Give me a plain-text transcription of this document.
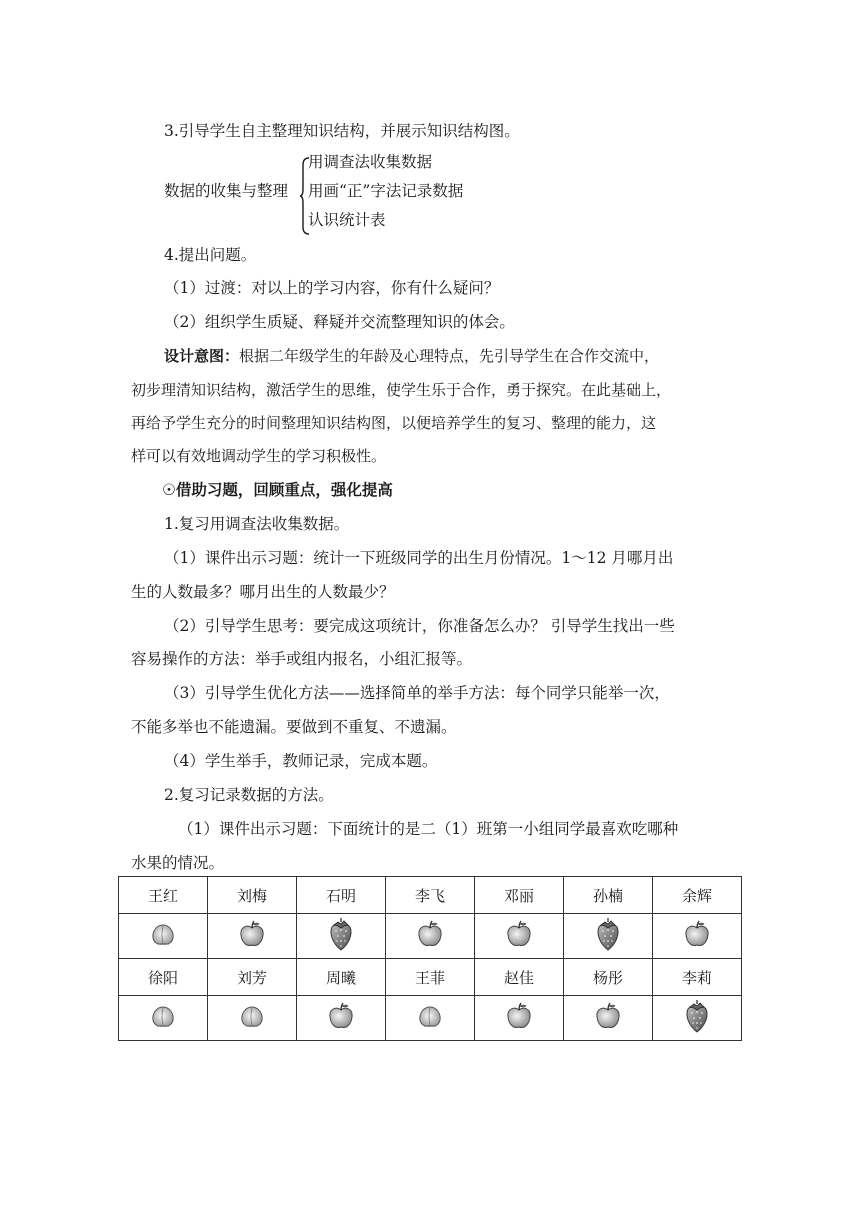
3.引导学生自主整理知识结构，并展示知识结构图。
数据的收集与整理
用调查法收集数据
用画“正”字法记录数据
认识统计表
4.提出问题。
（1）过渡：对以上的学习内容，你有什么疑问？
（2）组织学生质疑、释疑并交流整理知识的体会。
设计意图：根据二年级学生的年龄及心理特点，先引导学生在合作交流中，
初步理清知识结构，激活学生的思维，使学生乐于合作，勇于探究。在此基础上，
再给予学生充分的时间整理知识结构图，以便培养学生的复习、整理的能力，这
样可以有效地调动学生的学习积极性。
☉借助习题，回顾重点，强化提高
1.复习用调查法收集数据。
（1）课件出示习题：统计一下班级同学的出生月份情况。1～12 月哪月出
生的人数最多？哪月出生的人数最少？
（2）引导学生思考：要完成这项统计，你准备怎么办？ 引导学生找出一些
容易操作的方法：举手或组内报名，小组汇报等。
（3）引导学生优化方法——选择简单的举手方法：每个同学只能举一次，
不能多举也不能遗漏。要做到不重复、不遗漏。
（4）学生举手，教师记录，完成本题。
2.复习记录数据的方法。
（1）课件出示习题：下面统计的是二（1）班第一小组同学最喜欢吃哪种
水果的情况。
王红	刘梅	石明	李飞	邓丽	孙楠	余辉

徐阳	刘芳	周曦	王菲	赵佳	杨彤	李莉
